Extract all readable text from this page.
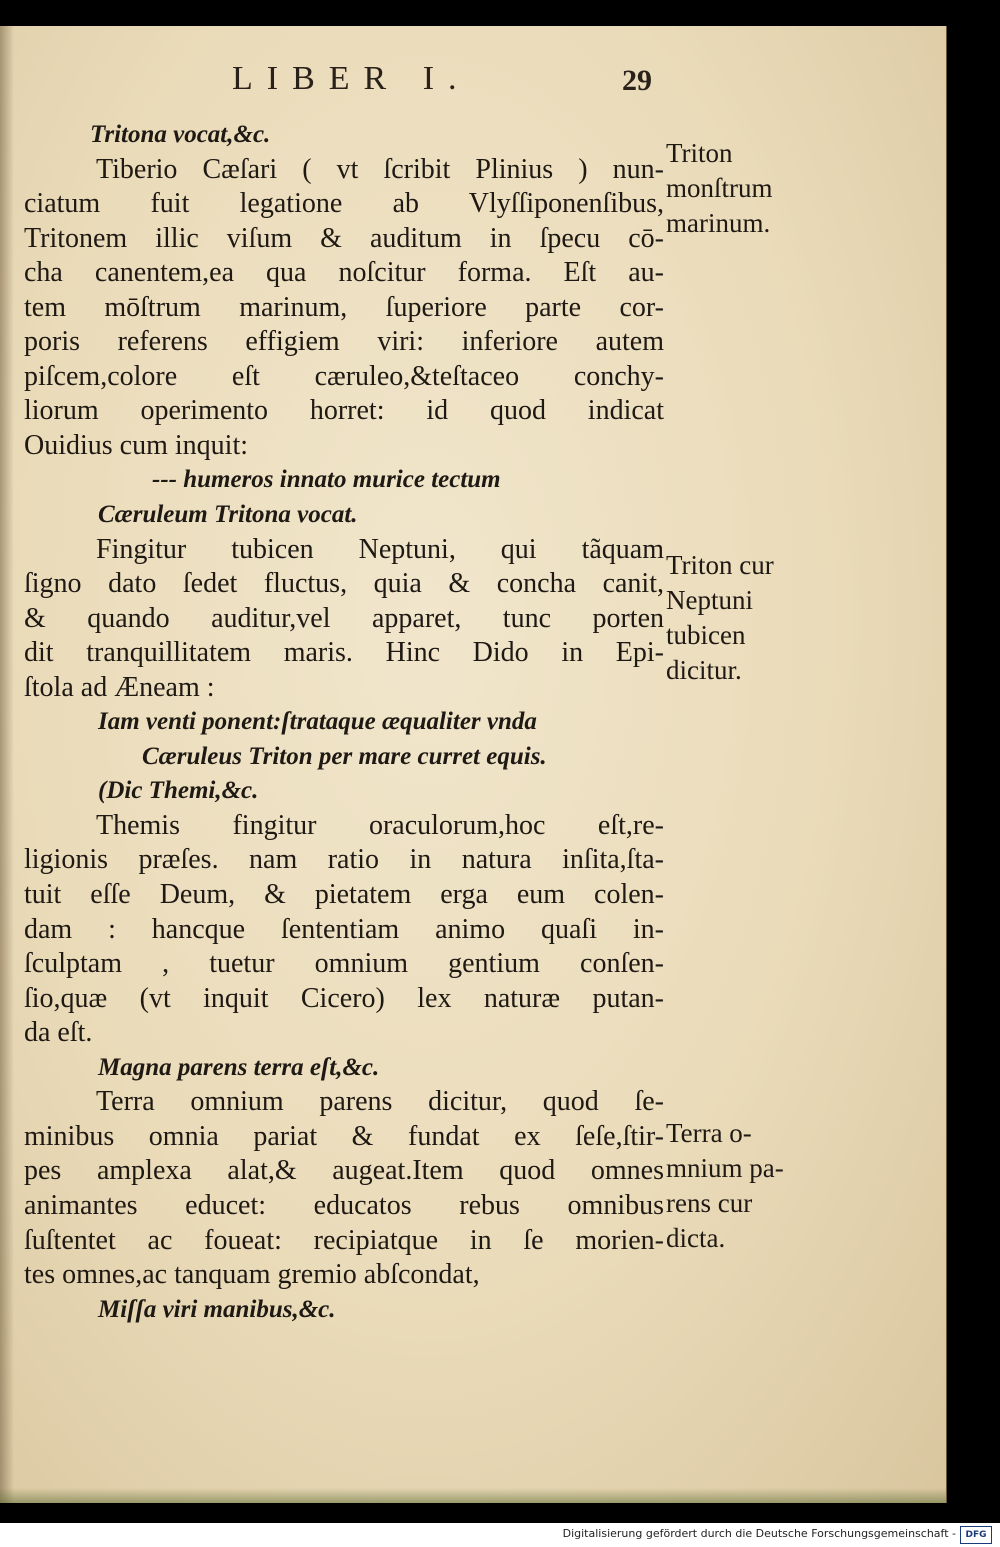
LIBER I.	29
Tritona vocat,&c.
Tiberio Cæſari ( vt ſcribit Plinius ) nun-
ciatum fuit legatione ab Vlyſſiponenſibus,
Tritonem illic viſum & auditum in ſpecu cō-
cha canentem,ea qua noſcitur forma. Eſt au-
tem mōſtrum marinum, ſuperiore parte cor-
poris referens effigiem viri: inferiore autem
piſcem,colore eſt cæruleo,&teſtaceo conchy-
liorum operimento horret: id quod indicat
Ouidius cum inquit:
--- humeros innato murice tectum
Cæruleum Tritona vocat.
Fingitur tubicen Neptuni, qui tãquam
ſigno dato ſedet fluctus, quia & concha canit,
& quando auditur,vel apparet, tunc porten
dit tranquillitatem maris. Hinc Dido in Epi-
ſtola ad Æneam :
Iam venti ponent:ſtrataque æqualiter vnda
Cæruleus Triton per mare curret equis.
(Dic Themi,&c.
Themis fingitur oraculorum,hoc eſt,re-
ligionis præſes. nam ratio in natura inſita,ſta-
tuit eſſe Deum, & pietatem erga eum colen-
dam : hancque ſententiam animo quaſi in-
ſculptam , tuetur omnium gentium conſen-
ſio,quæ (vt inquit Cicero) lex naturæ putan-
da eſt.
Magna parens terra eſt,&c.
Terra omnium parens dicitur, quod ſe-
minibus omnia pariat & fundat ex ſeſe,ſtir-
pes amplexa alat,& augeat.Item quod omnes
animantes educet: educatos rebus omnibus
ſuſtentet ac foueat: recipiatque in ſe morien-
tes omnes,ac tanquam gremio abſcondat,
Miſſa viri manibus,&c.
Triton
monſtrum
marinum.
Triton cur
Neptuni
tubicen
dicitur.
Terra o-
mnium pa-
rens cur
dicta.
Digitalisierung gefördert durch die Deutsche Forschungsgemeinschaft -	DFG
